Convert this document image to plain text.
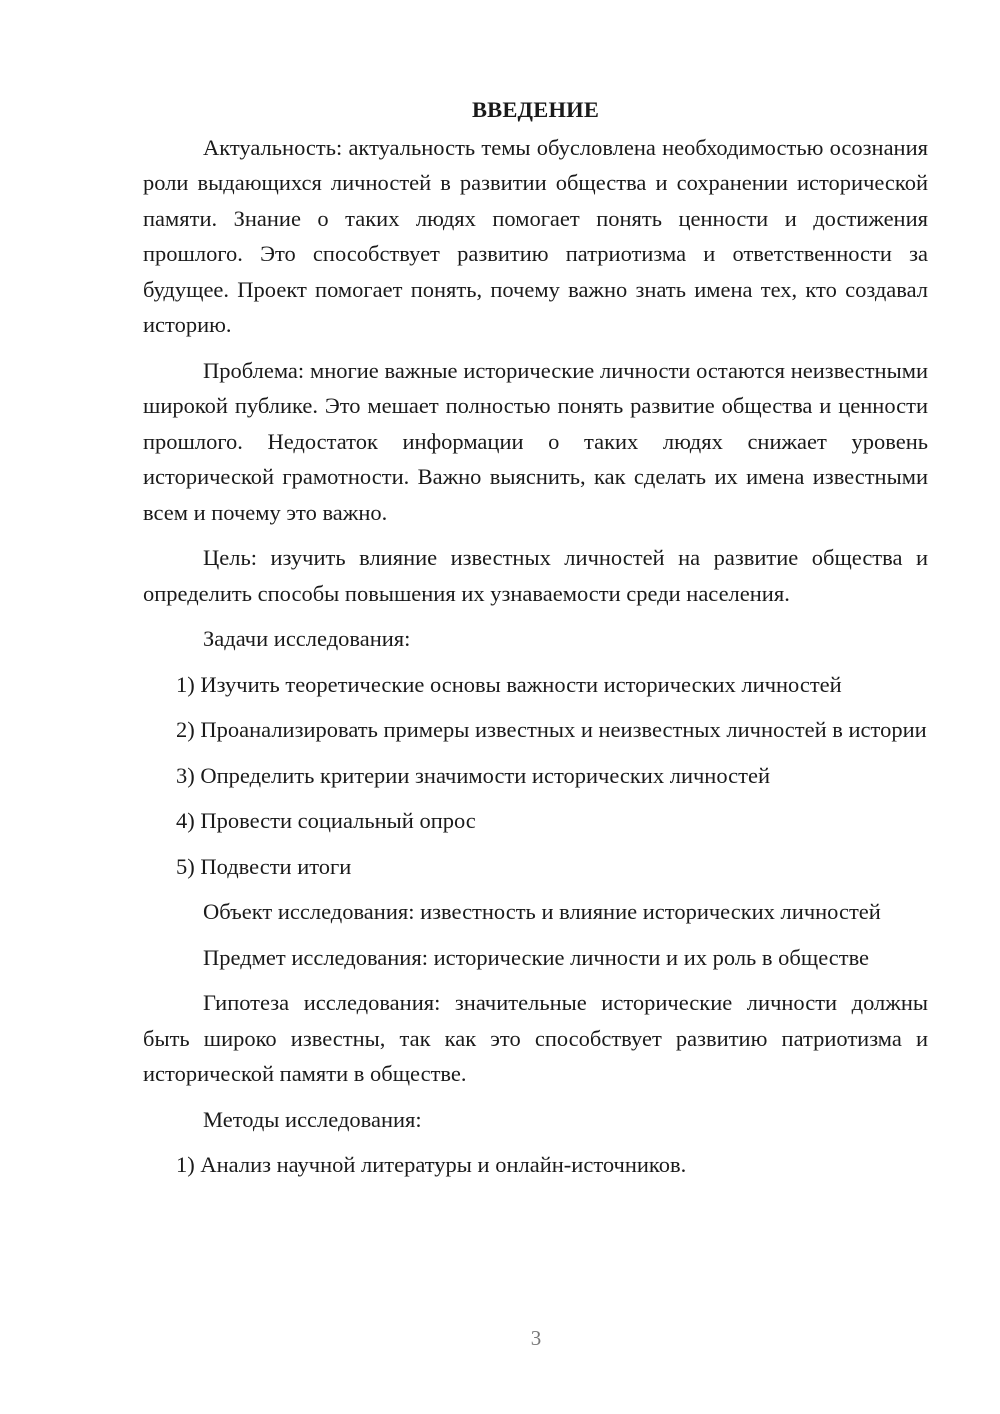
ВВЕДЕНИЕ

Актуальность: актуальность темы обусловлена необходимостью осознания роли выдающихся личностей в развитии общества и сохранении исторической памяти. Знание о таких людях помогает понять ценности и достижения прошлого. Это способствует развитию патриотизма и ответственности за будущее. Проект помогает понять, почему важно знать имена тех, кто создавал историю.

Проблема: многие важные исторические личности остаются неизвестными широкой публике. Это мешает полностью понять развитие общества и ценности прошлого. Недостаток информации о таких людях снижает уровень исторической грамотности. Важно выяснить, как сделать их имена известными всем и почему это важно.

Цель: изучить влияние известных личностей на развитие общества и определить способы повышения их узнаваемости среди населения.

Задачи исследования:

1) Изучить теоретические основы важности исторических личностей

2) Проанализировать примеры известных и неизвестных личностей в истории

3) Определить критерии значимости исторических личностей

4) Провести социальный опрос

5) Подвести итоги

Объект исследования: известность и влияние исторических личностей

Предмет исследования: исторические личности и их роль в обществе

Гипотеза исследования: значительные исторические личности должны быть широко известны, так как это способствует развитию патриотизма и исторической памяти в обществе.

Методы исследования:

1) Анализ научной литературы и онлайн-источников.

3
